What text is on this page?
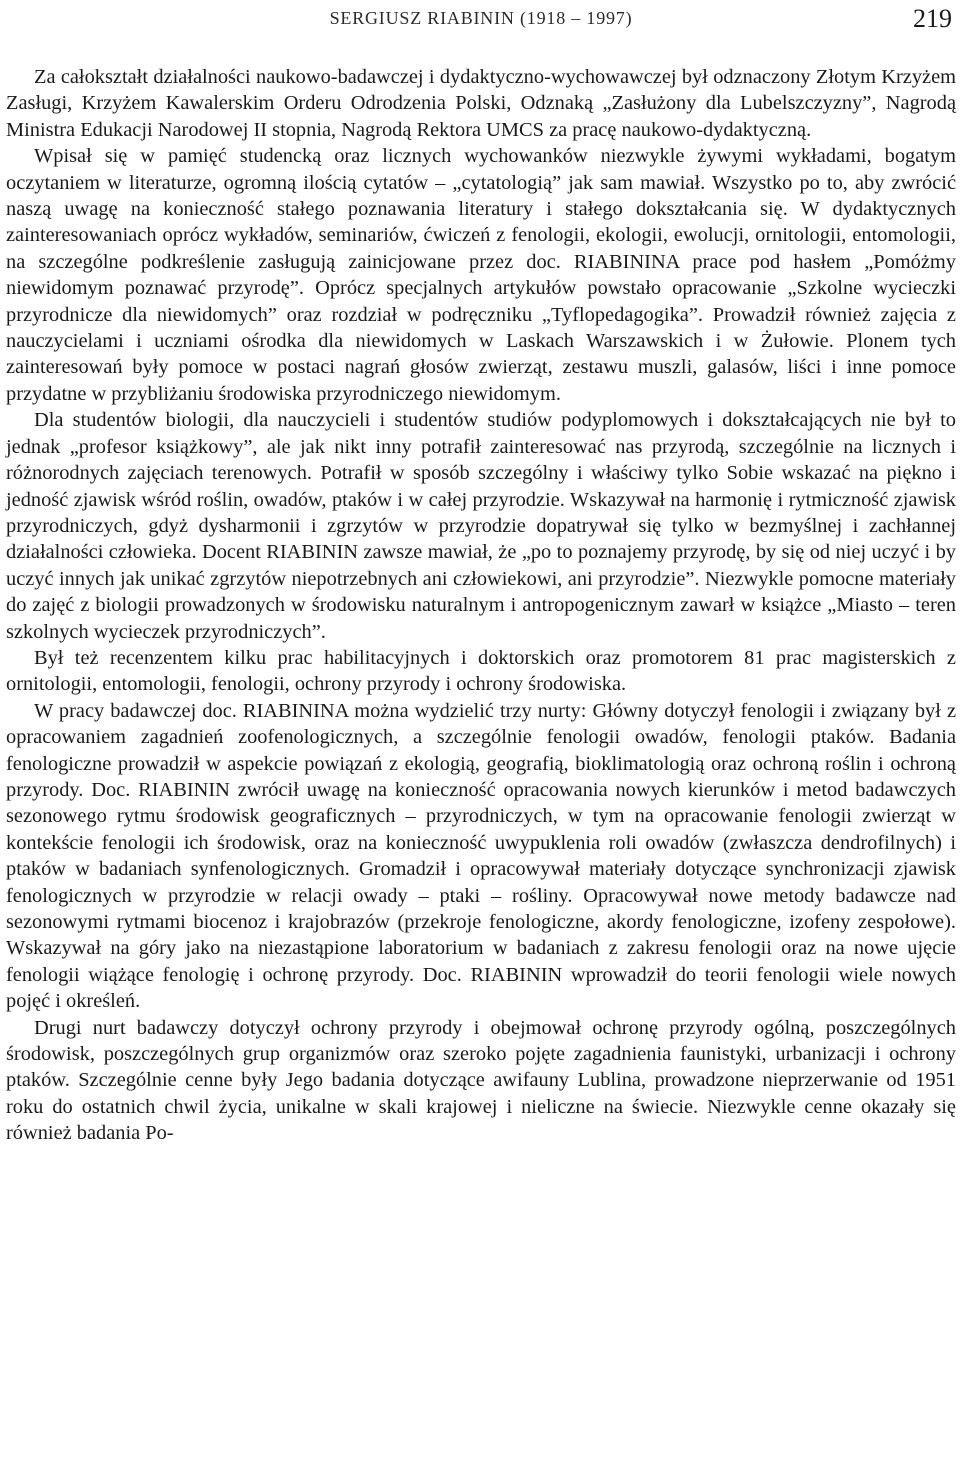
SERGIUSZ RIABININ (1918 – 1997)	219

Za całokształt działalności naukowo-badawczej i dydaktyczno-wychowawczej był odznaczony Złotym Krzyżem Zasługi, Krzyżem Kawalerskim Orderu Odrodzenia Polski, Odznaką „Zasłużony dla Lubelszczyzny”, Nagrodą Ministra Edukacji Narodowej II stopnia, Nagrodą Rektora UMCS za pracę naukowo-dydaktyczną.

Wpisał się w pamięć studencką oraz licznych wychowanków niezwykle żywymi wykładami, bogatym oczytaniem w literaturze, ogromną ilością cytatów – „cytatologią” jak sam mawiał. Wszystko po to, aby zwrócić naszą uwagę na konieczność stałego poznawania literatury i stałego dokształcania się. W dydaktycznych zainteresowaniach oprócz wykładów, seminariów, ćwiczeń z fenologii, ekologii, ewolucji, ornitologii, entomologii, na szczególne podkreślenie zasługują zainicjowane przez doc. RIABININA prace pod hasłem „Pomóżmy niewidomym poznawać przyrodę”. Oprócz specjalnych artykułów powstało opracowanie „Szkolne wycieczki przyrodnicze dla niewidomych” oraz rozdział w podręczniku „Tyflopedagogika”. Prowadził również zajęcia z nauczycielami i uczniami ośrodka dla niewidomych w Laskach Warszawskich i w Żułowie. Plonem tych zainteresowań były pomoce w postaci nagrań głosów zwierząt, zestawu muszli, galasów, liści i inne pomoce przydatne w przybliżaniu środowiska przyrodniczego niewidomym.

Dla studentów biologii, dla nauczycieli i studentów studiów podyplomowych i dokształcających nie był to jednak „profesor książkowy”, ale jak nikt inny potrafił zainteresować nas przyrodą, szczególnie na licznych i różnorodnych zajęciach terenowych. Potrafił w sposób szczególny i właściwy tylko Sobie wskazać na piękno i jedność zjawisk wśród roślin, owadów, ptaków i w całej przyrodzie. Wskazywał na harmonię i rytmiczność zjawisk przyrodniczych, gdyż dysharmonii i zgrzytów w przyrodzie dopatrywał się tylko w bezmyślnej i zachłannej działalności człowieka. Docent RIABININ zawsze mawiał, że „po to poznajemy przyrodę, by się od niej uczyć i by uczyć innych jak unikać zgrzytów niepotrzebnych ani człowiekowi, ani przyrodzie”. Niezwykle pomocne materiały do zajęć z biologii prowadzonych w środowisku naturalnym i antropogenicznym zawarł w książce „Miasto – teren szkolnych wycieczek przyrodniczych”.

Był też recenzentem kilku prac habilitacyjnych i doktorskich oraz promotorem 81 prac magisterskich z ornitologii, entomologii, fenologii, ochrony przyrody i ochrony środowiska.

W pracy badawczej doc. RIABININA można wydzielić trzy nurty: Główny dotyczył fenologii i związany był z opracowaniem zagadnień zoofenologicznych, a szczególnie fenologii owadów, fenologii ptaków. Badania fenologiczne prowadził w aspekcie powiązań z ekologią, geografią, bioklimatologią oraz ochroną roślin i ochroną przyrody. Doc. RIABININ zwrócił uwagę na konieczność opracowania nowych kierunków i metod badawczych sezonowego rytmu środowisk geograficznych – przyrodniczych, w tym na opracowanie fenologii zwierząt w kontekście fenologii ich środowisk, oraz na konieczność uwypuklenia roli owadów (zwłaszcza dendrofilnych) i ptaków w badaniach synfenologicznych. Gromadził i opracowywał materiały dotyczące synchronizacji zjawisk fenologicznych w przyrodzie w relacji owady – ptaki – rośliny. Opracowywał nowe metody badawcze nad sezonowymi rytmami biocenoz i krajobrazów (przekroje fenologiczne, akordy fenologiczne, izofeny zespołowe). Wskazywał na góry jako na niezastąpione laboratorium w badaniach z zakresu fenologii oraz na nowe ujęcie fenologii wiążące fenologię i ochronę przyrody. Doc. RIABININ wprowadził do teorii fenologii wiele nowych pojęć i określeń.

Drugi nurt badawczy dotyczył ochrony przyrody i obejmował ochronę przyrody ogólną, poszczególnych środowisk, poszczególnych grup organizmów oraz szeroko pojęte zagadnienia faunistyki, urbanizacji i ochrony ptaków. Szczególnie cenne były Jego badania dotyczące awifauny Lublina, prowadzone nieprzerwanie od 1951 roku do ostatnich chwil życia, unikalne w skali krajowej i nieliczne na świecie. Niezwykle cenne okazały się również badania Po-
